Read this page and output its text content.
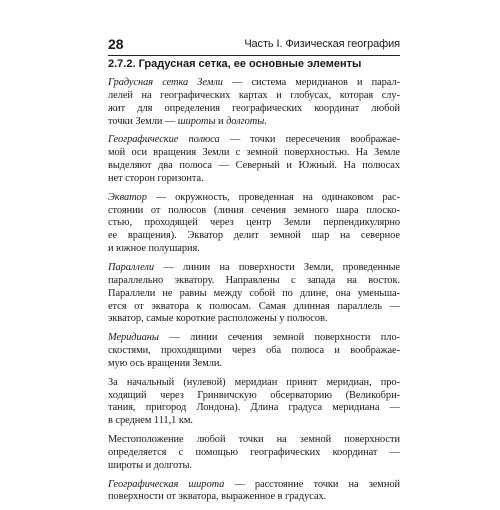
28	Часть I. Физическая география
2.7.2. Градусная сетка, ее основные элементы
Градусная сетка Земли — система меридианов и парал-
лелей на географических картах и глобусах, которая слу-
жит для определения географических координат любой
точки Земли — широты и долготы.
Географические полюса — точки пересечения воображае-
мой оси вращения Земли с земной поверхностью. На Земле
выделяют два полюса — Северный и Южный. На полюсах
нет сторон горизонта.
Экватор — окружность, проведенная на одинаковом рас-
стоянии от полюсов (линия сечения земного шара плоско-
стью, проходящей через центр Земли перпендикулярно
ее вращения). Экватор делит земной шар на северное
и южное полушария.
Параллели — линии на поверхности Земли, проведенные
параллельно экватору. Направлены с запада на восток.
Параллели не равны между собой по длине, она уменьша-
ется от экватора к полюсам. Самая длинная параллель —
экватор, самые короткие расположены у полюсов.
Меридианы — линии сечения земной поверхности пло-
скостями, проходящими через оба полюса и воображае-
мую ось вращения Земли.
За начальный (нулевой) меридиан принят меридиан, про-
ходящий через Гринвичскую обсерваторию (Великобри-
тания, пригород Лондона). Длина градуса меридиана —
в среднем 111,1 км.
Местоположение любой точки на земной поверхности
определяется с помощью географических координат —
широты и долготы.
Географическая широта — расстояние точки на земной
поверхности от экватора, выраженное в градусах.
